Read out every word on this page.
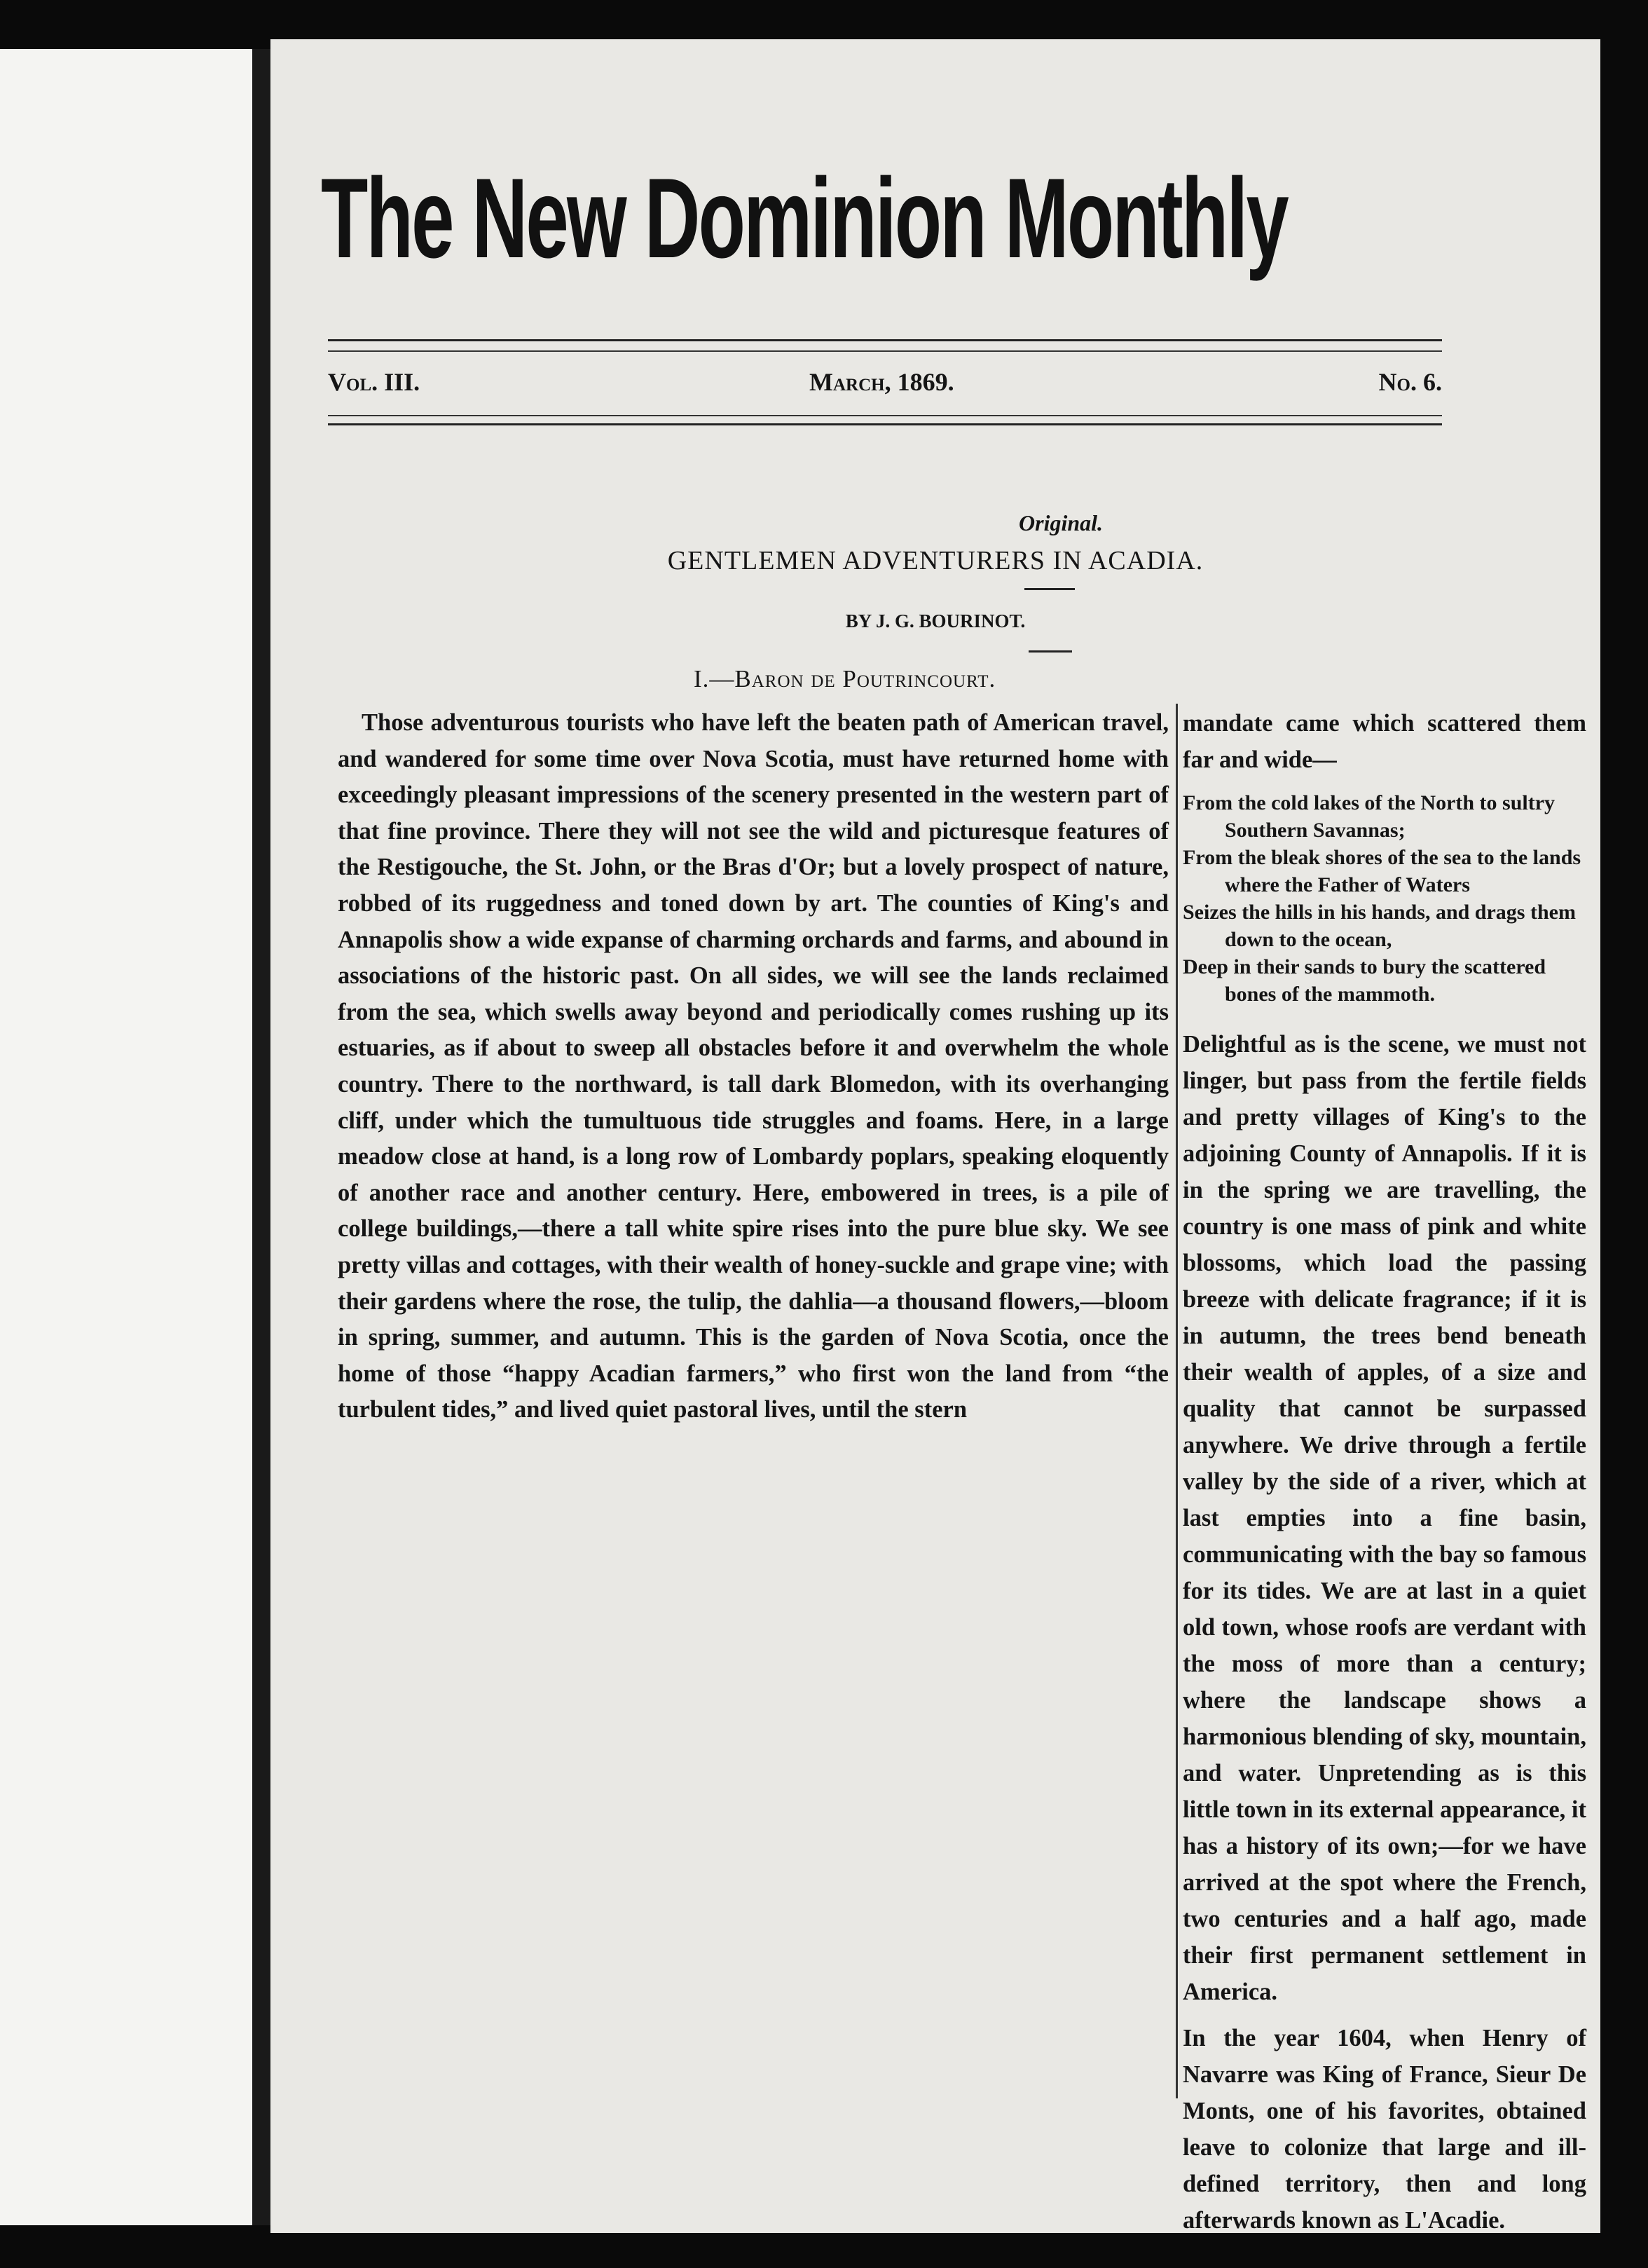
The New Dominion Monthly
Vol. III.	March, 1869.	No. 6.
Original.
GENTLEMEN ADVENTURERS IN ACADIA.
BY J. G. BOURINOT.
I.—Baron de Poutrincourt.

Those adventurous tourists who have left the beaten path of American travel, and wandered for some time over Nova Scotia, must have returned home with exceedingly pleasant impressions of the scenery presented in the western part of that fine province. There they will not see the wild and picturesque features of the Restigouche, the St. John, or the Bras d'Or; but a lovely prospect of nature, robbed of its ruggedness and toned down by art. The counties of King's and Annapolis show a wide expanse of charming orchards and farms, and abound in associations of the historic past. On all sides, we will see the lands reclaimed from the sea, which swells away beyond and periodically comes rushing up its estuaries, as if about to sweep all obstacles before it and overwhelm the whole country. There to the northward, is tall dark Blomedon, with its overhanging cliff, under which the tumultuous tide struggles and foams. Here, in a large meadow close at hand, is a long row of Lombardy poplars, speaking eloquently of another race and another century. Here, embowered in trees, is a pile of college buildings,—there a tall white spire rises into the pure blue sky. We see pretty villas and cottages, with their wealth of honey-suckle and grape vine; with their gardens where the rose, the tulip, the dahlia—a thousand flowers,—bloom in spring, summer, and autumn. This is the garden of Nova Scotia, once the home of those “happy Acadian farmers,” who first won the land from “the turbulent tides,” and lived quiet pastoral lives, until the stern

mandate came which scattered them far and wide—

From the cold lakes of the North to sultry Southern Savannas;
From the bleak shores of the sea to the lands where the Father of Waters
Seizes the hills in his hands, and drags them down to the ocean,
Deep in their sands to bury the scattered bones of the mammoth.

Delightful as is the scene, we must not linger, but pass from the fertile fields and pretty villages of King's to the adjoining County of Annapolis. If it is in the spring we are travelling, the country is one mass of pink and white blossoms, which load the passing breeze with delicate fragrance; if it is in autumn, the trees bend beneath their wealth of apples, of a size and quality that cannot be surpassed anywhere. We drive through a fertile valley by the side of a river, which at last empties into a fine basin, communicating with the bay so famous for its tides. We are at last in a quiet old town, whose roofs are verdant with the moss of more than a century; where the landscape shows a harmonious blending of sky, mountain, and water. Unpretending as is this little town in its external appearance, it has a history of its own;—for we have arrived at the spot where the French, two centuries and a half ago, made their first permanent settlement in America.

In the year 1604, when Henry of Navarre was King of France, Sieur De Monts, one of his favorites, obtained leave to colonize that large and ill-defined territory, then and long afterwards known as L'Acadie.
